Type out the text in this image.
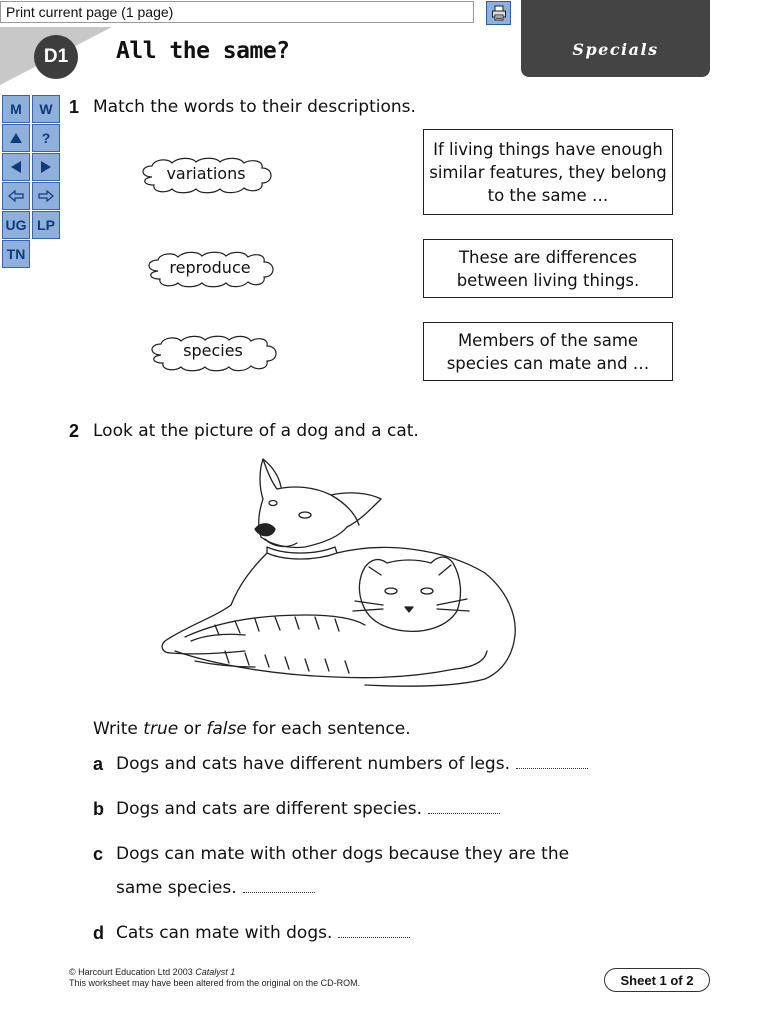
Print current page (1 page)
D1	All the same?	Specials
M	W
?
UG LP
TN
1 Match the words to their descriptions.
variations
reproduce
species
If living things have enough similar features, they belong to the same …
These are differences between living things.
Members of the same species can mate and …
2 Look at the picture of a dog and a cat.
Write true or false for each sentence.
a Dogs and cats have different numbers of legs.
b Dogs and cats are different species.
c Dogs can mate with other dogs because they are the
same species.
d Cats can mate with dogs.
© Harcourt Education Ltd 2003 Catalyst 1
This worksheet may have been altered from the original on the CD-ROM.	Sheet 1 of 2
